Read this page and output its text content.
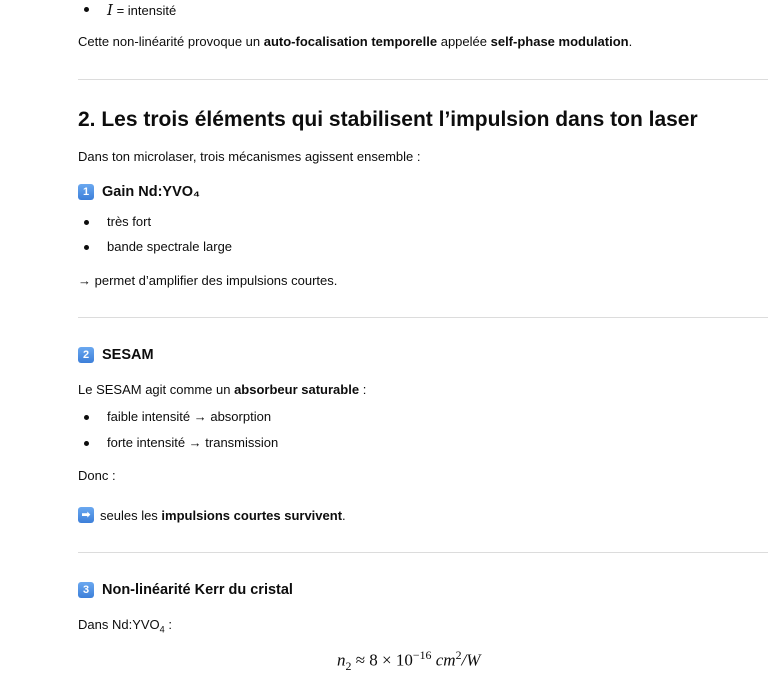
I = intensité
Cette non-linéarité provoque un auto-focalisation temporelle appelée self-phase modulation.
2. Les trois éléments qui stabilisent l’impulsion dans ton laser
Dans ton microlaser, trois mécanismes agissent ensemble :
1 Gain Nd:YVO₄
très fort
bande spectrale large
→ permet d’amplifier des impulsions courtes.
2 SESAM
Le SESAM agit comme un absorbeur saturable :
faible intensité → absorption
forte intensité → transmission
Donc :
➡ seules les impulsions courtes survivent.
3 Non-linéarité Kerr du cristal
Dans $Nd:YVO_4$ :
$n_2 \approx 8 \times 10^{-16}$ $cm^2/W$
